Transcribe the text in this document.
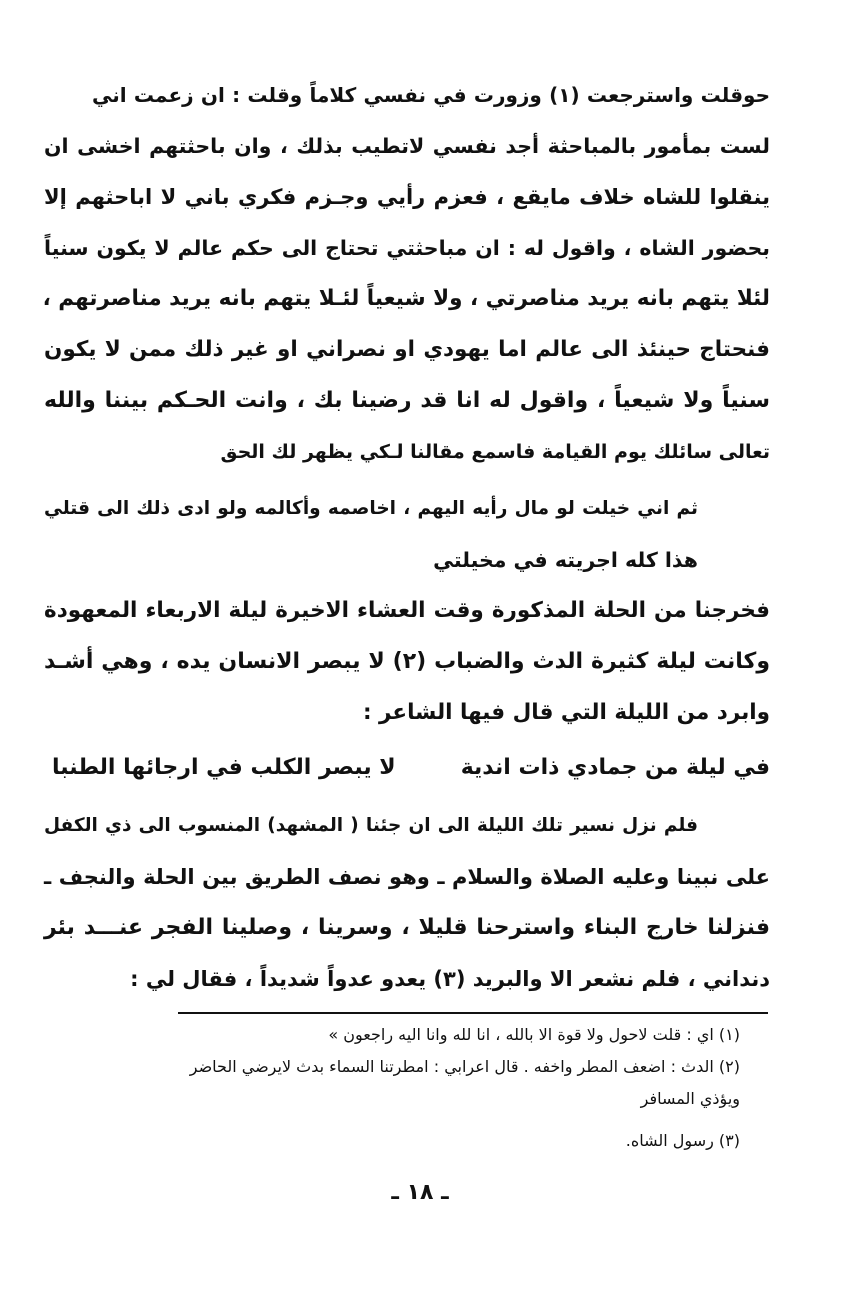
حوقلت واسترجعت (١) وزورت في نفسي كلاماً وقلت : ان زعمت اني
لست بمأمور بالمباحثة أجد نفسي لاتطيب بذلك ، وان باحثتهم اخشى ان
ينقلوا للشاه خلاف مايقع ، فعزم رأيي وجـزم فكري باني لا اباحثهم إلا
بحضور الشاه ، واقول له : ان مباحثتي تحتاج الى حكم عالم لا يكون سنياً
لئلا يتهم بانه يريد مناصرتي ، ولا شيعياً لئـلا يتهم بانه يريد مناصرتهم ،
فنحتاج حينئذ الى عالم اما يهودي او نصراني او غير ذلك ممن لا يكون
سنياً ولا شيعياً ، واقول له انا قد رضينا بك ، وانت الحـكم بيننا والله
تعالى سائلك يوم القيامة فاسمع مقالنا لـكي يظهر لك الحق
ثم اني خيلت لو مال رأيه اليهم ، اخاصمه وأكالمه ولو ادى ذلك الى قتلي
هذا كله اجريته في مخيلتي
فخرجنا من الحلة المذكورة وقت العشاء الاخيرة ليلة الاربعاء المعهودة
وكانت ليلة كثيرة الدث والضباب (٢) لا يبصر الانسان يده ، وهي أشـد
وابرد من الليلة التي قال فيها الشاعر :
في ليلة من جمادي ذات اندية
لا يبصر الكلب في ارجائها الطنبا
فلم نزل نسير تلك الليلة الى ان جئنا ( المشهد) المنسوب الى ذي الكفل
على نبينا وعليه الصلاة والسلام ـ وهو نصف الطريق بين الحلة والنجف ـ
فنزلنا خارج البناء واسترحنا قليلا ، وسرينا ، وصلينا الفجر عنـــد بئر
دنداني ، فلم نشعر الا والبريد (٣) يعدو عدواً شديداً ، فقال لي :
(١) اي : قلت لاحول ولا قوة الا بالله ، انا لله وانا اليه راجعون »
(٢) الدث : اضعف المطر واخفه . قال اعرابي : امطرتنا السماء بدث لايرضي الحاضر
ويؤذي المسافر
(٣) رسول الشاه.
ـ ١٨ ـ
